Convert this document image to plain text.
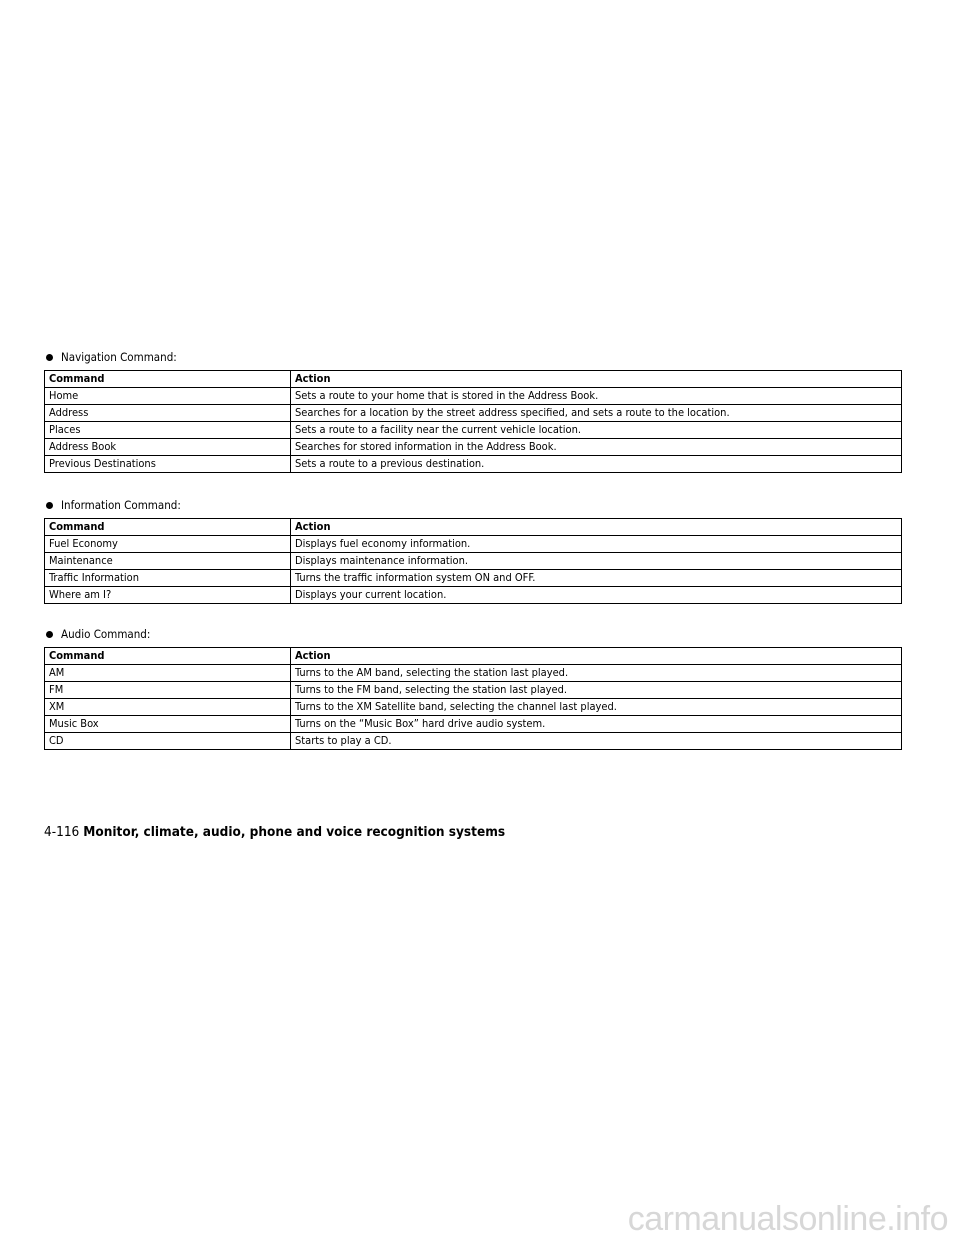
Navigation Command:
Command	Action
Home	Sets a route to your home that is stored in the Address Book.
Address	Searches for a location by the street address specified, and sets a route to the location.
Places	Sets a route to a facility near the current vehicle location.
Address Book	Searches for stored information in the Address Book.
Previous Destinations	Sets a route to a previous destination.
Information Command:
Command	Action
Fuel Economy	Displays fuel economy information.
Maintenance	Displays maintenance information.
Traffic Information	Turns the traffic information system ON and OFF.
Where am I?	Displays your current location.
Audio Command:
Command	Action
AM	Turns to the AM band, selecting the station last played.
FM	Turns to the FM band, selecting the station last played.
XM	Turns to the XM Satellite band, selecting the channel last played.
Music Box	Turns on the “Music Box” hard drive audio system.
CD	Starts to play a CD.
4-116 Monitor, climate, audio, phone and voice recognition systems
carmanualsonline.info
